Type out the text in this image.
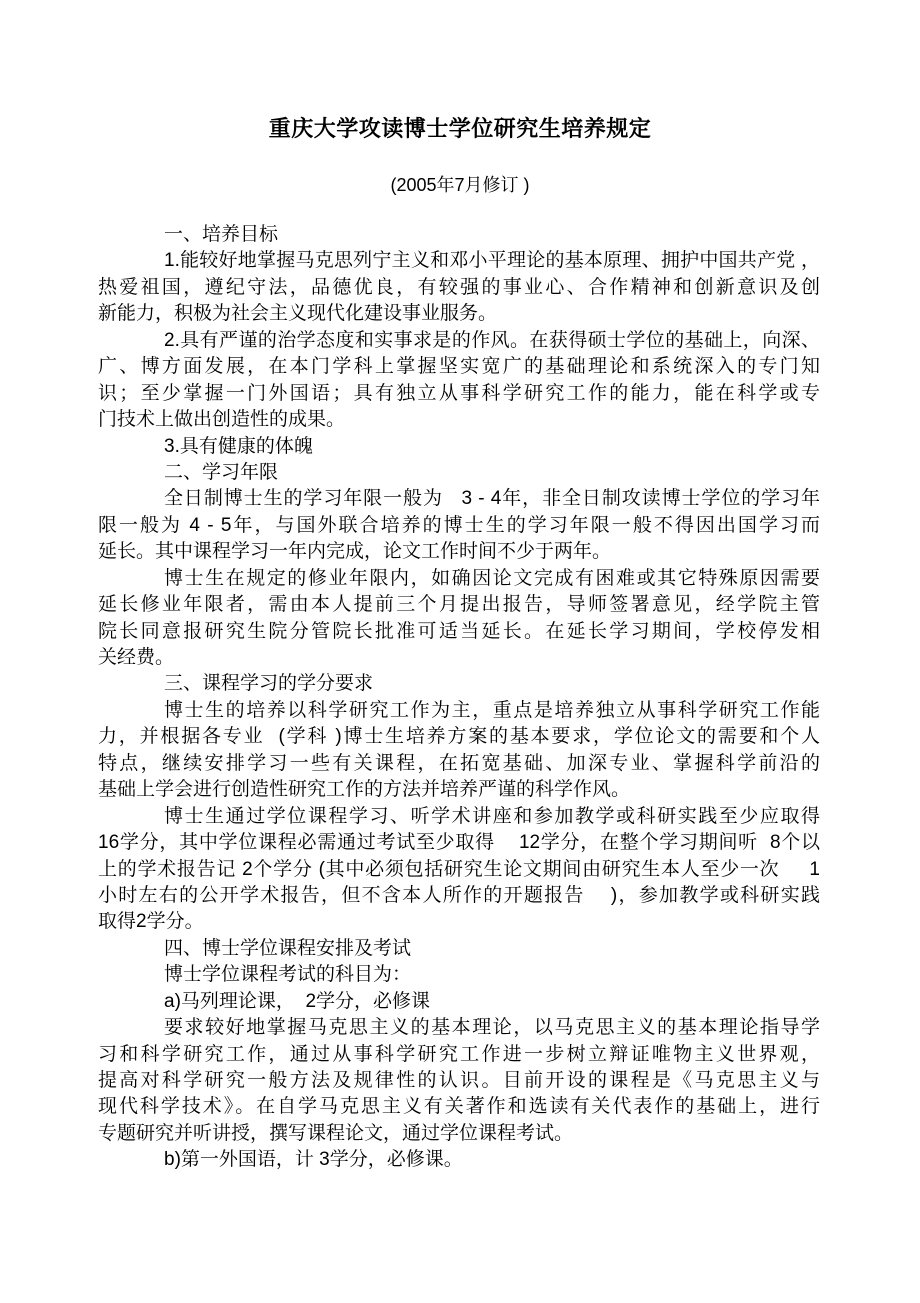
重庆大学攻读博士学位研究生培养规定
(2005年7月修订 )
一、培养目标
1.能较好地掌握马克思列宁主义和邓小平理论的基本原理、拥护中国共产党 ，
热爱祖国，遵纪守法，品德优良，有较强的事业心、合作精神和创新意识及创
新能力，积极为社会主义现代化建设事业服务。
2.具有严谨的治学态度和实事求是的作风。在获得硕士学位的基础上，向深、
广、博方面发展，在本门学科上掌握坚实宽广的基础理论和系统深入的专门知
识；至少掌握一门外国语；具有独立从事科学研究工作的能力，能在科学或专
门技术上做出创造性的成果。
3.具有健康的体魄
二、学习年限
全日制博士生的学习年限一般为   3 - 4年，非全日制攻读博士学位的学习年
限一般为 4 - 5年，与国外联合培养的博士生的学习年限一般不得因出国学习而
延长。其中课程学习一年内完成，论文工作时间不少于两年。
博士生在规定的修业年限内，如确因论文完成有困难或其它特殊原因需要
延长修业年限者，需由本人提前三个月提出报告，导师签署意见，经学院主管
院长同意报研究生院分管院长批准可适当延长。在延长学习期间，学校停发相
关经费。
三、课程学习的学分要求
博士生的培养以科学研究工作为主，重点是培养独立从事科学研究工作能
力，并根据各专业  (学科 )博士生培养方案的基本要求，学位论文的需要和个人
特点，继续安排学习一些有关课程，在拓宽基础、加深专业、掌握科学前沿的
基础上学会进行创造性研究工作的方法并培养严谨的科学作风。
博士生通过学位课程学习、听学术讲座和参加教学或科研实践至少应取得
16学分，其中学位课程必需通过考试至少取得    12学分，在整个学习期间听  8个以
上的学术报告记 2个学分 (其中必须包括研究生论文期间由研究生本人至少一次     1
小时左右的公开学术报告，但不含本人所作的开题报告    )，参加教学或科研实践
取得2学分。
四、博士学位课程安排及考试
博士学位课程考试的科目为：
a)马列理论课，  2学分，必修课
要求较好地掌握马克思主义的基本理论，以马克思主义的基本理论指导学
习和科学研究工作，通过从事科学研究工作进一步树立辩证唯物主义世界观，
提高对科学研究一般方法及规律性的认识。目前开设的课程是《马克思主义与
现代科学技术》。在自学马克思主义有关著作和选读有关代表作的基础上，进行
专题研究并听讲授，撰写课程论文，通过学位课程考试。
b)第一外国语，计 3学分，必修课。
